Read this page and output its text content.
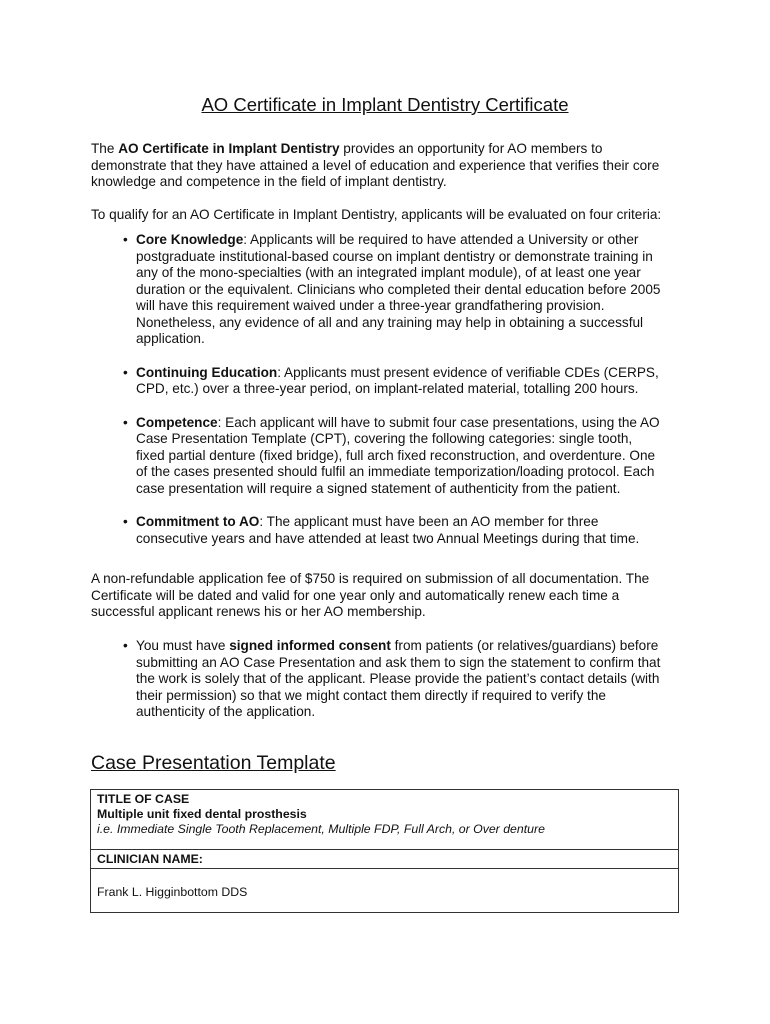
AO Certificate in Implant Dentistry Certificate

The AO Certificate in Implant Dentistry provides an opportunity for AO members to
demonstrate that they have attained a level of education and experience that verifies their core
knowledge and competence in the field of implant dentistry.

To qualify for an AO Certificate in Implant Dentistry, applicants will be evaluated on four criteria:

• Core Knowledge: Applicants will be required to have attended a University or other
postgraduate institutional-based course on implant dentistry or demonstrate training in
any of the mono-specialties (with an integrated implant module), of at least one year
duration or the equivalent. Clinicians who completed their dental education before 2005
will have this requirement waived under a three-year grandfathering provision.
Nonetheless, any evidence of all and any training may help in obtaining a successful
application.
• Continuing Education: Applicants must present evidence of verifiable CDEs (CERPS,
CPD, etc.) over a three-year period, on implant-related material, totalling 200 hours.
• Competence: Each applicant will have to submit four case presentations, using the AO
Case Presentation Template (CPT), covering the following categories: single tooth,
fixed partial denture (fixed bridge), full arch fixed reconstruction, and overdenture. One
of the cases presented should fulfil an immediate temporization/loading protocol. Each
case presentation will require a signed statement of authenticity from the patient.
• Commitment to AO: The applicant must have been an AO member for three
consecutive years and have attended at least two Annual Meetings during that time.

A non-refundable application fee of $750 is required on submission of all documentation. The
Certificate will be dated and valid for one year only and automatically renew each time a
successful applicant renews his or her AO membership.

• You must have signed informed consent from patients (or relatives/guardians) before
submitting an AO Case Presentation and ask them to sign the statement to confirm that
the work is solely that of the applicant. Please provide the patient’s contact details (with
their permission) so that we might contact them directly if required to verify the
authenticity of the application.
Case Presentation Template
TITLE OF CASE
Multiple unit fixed dental prosthesis
i.e. Immediate Single Tooth Replacement, Multiple FDP, Full Arch, or Over denture
CLINICIAN NAME:
Frank L. Higginbottom DDS
